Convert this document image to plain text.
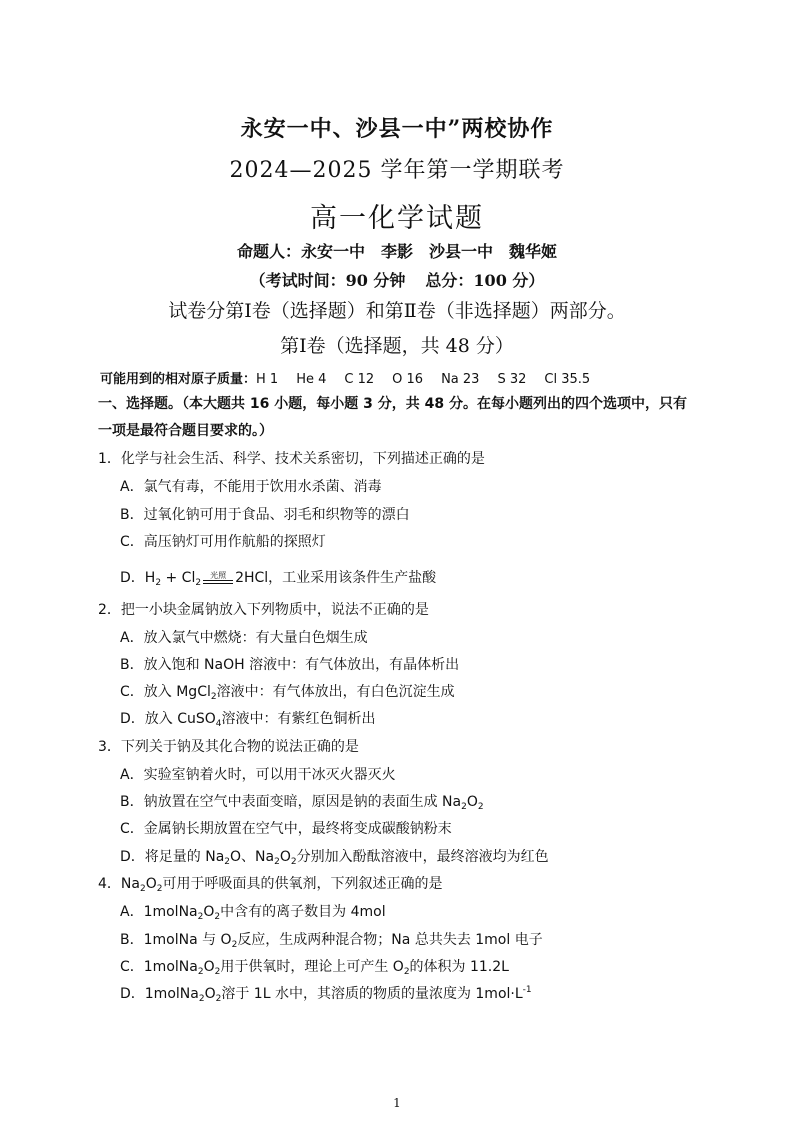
永安一中、沙县一中”两校协作
2024—2025 学年第一学期联考
高一化学试题
命题人：永安一中 李影 沙县一中 魏华姬
（考试时间：90 分钟 总分：100 分）
试卷分第Ⅰ卷（选择题）和第Ⅱ卷（非选择题）两部分。
第Ⅰ卷（选择题，共 48 分）
可能用到的相对原子质量：H 1 He 4 C 12 O 16 Na 23 S 32 Cl 35.5
一、选择题。（本大题共 16 小题，每小题 3 分，共 48 分。在每小题列出的四个选项中，只有一项是最符合题目要求的。）
1．化学与社会生活、科学、技术关系密切，下列描述正确的是
A．氯气有毒，不能用于饮用水杀菌、消毒
B．过氧化钠可用于食品、羽毛和织物等的漂白
C．高压钠灯可用作航船的探照灯
D．$H_2 + Cl_2$
光照 2HCl，工业采用该条件生产盐酸
2．把一小块金属钠放入下列物质中，说法不正确的是
A．放入氯气中燃烧：有大量白色烟生成
B．放入饱和 NaOH 溶液中：有气体放出，有晶体析出
C．放入 MgCl$_2$溶液中：有气体放出，有白色沉淀生成
D．放入 CuSO$_4$溶液中：有紫红色铜析出
3．下列关于钠及其化合物的说法正确的是
A．实验室钠着火时，可以用干冰灭火器灭火
B．钠放置在空气中表面变暗，原因是钠的表面生成 $Na_2O_2$
C．金属钠长期放置在空气中，最终将变成碳酸钠粉末
D．将足量的 $Na_2O$、$Na_2O_2$分别加入酚酞溶液中，最终溶液均为红色
4．$Na_2O_2$可用于呼吸面具的供氧剂，下列叙述正确的是
A．$1molNa_2O_2$中含有的离子数目为 4mol
B．1molNa 与 $O_2$反应，生成两种混合物；Na 总共失去 1mol 电子
C．$1molNa_2O_2$用于供氧时，理论上可产生 $O_2$的体积为 11.2L
D．$1molNa_2O_2$溶于 1L 水中，其溶质的物质的量浓度为 $1mol\cdot L^{-1}$
1
